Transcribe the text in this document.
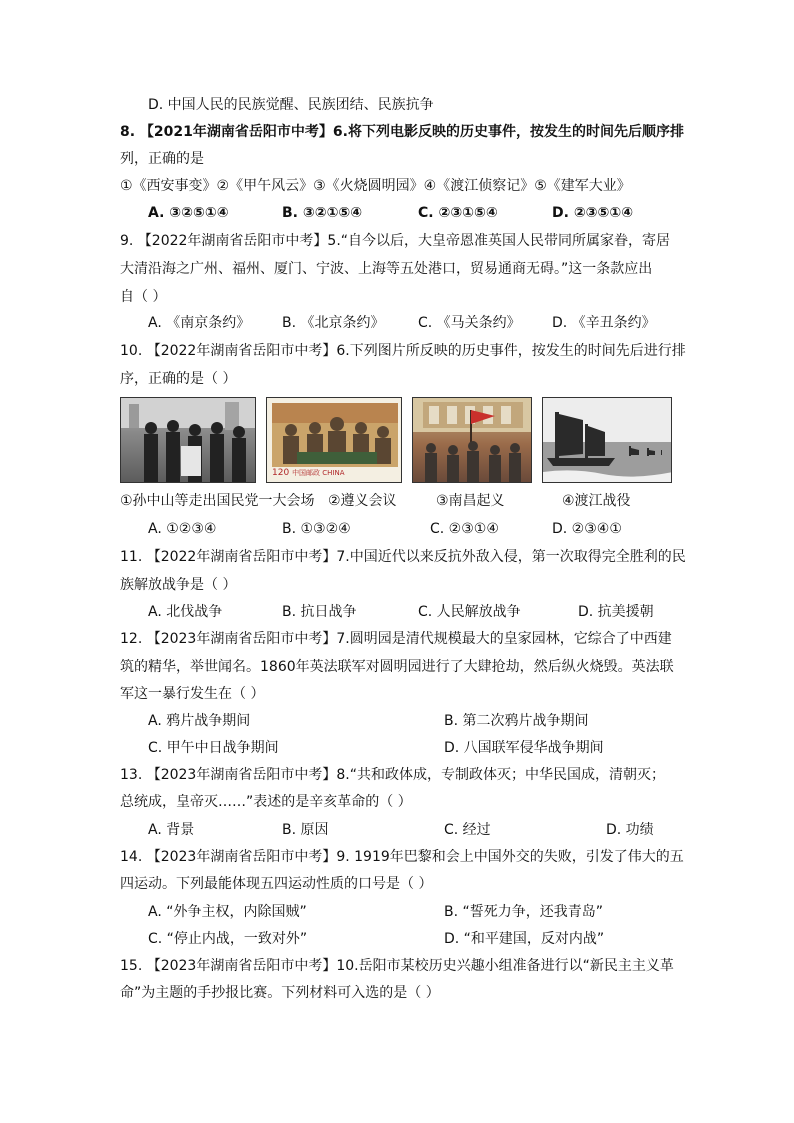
D. 中国人民的民族觉醒、民族团结、民族抗争
8. 【2021年湖南省岳阳市中考】6.将下列电影反映的历史事件，按发生的时间先后顺序排
列，正确的是
①《西安事变》②《甲午风云》③《火烧圆明园》④《渡江侦察记》⑤《建军大业》
A. ③②⑤①④	B. ③②①⑤④	C. ②③①⑤④	D. ②③⑤①④
9. 【2022年湖南省岳阳市中考】5.“自今以后，大皇帝恩准英国人民带同所属家眷，寄居
大清沿海之广州、福州、厦门、宁波、上海等五处港口，贸易通商无碍。”这一条款应出
自（ ）
A. 《南京条约》 B. 《北京条约》 C. 《马关条约》 D. 《辛丑条约》
10. 【2022年湖南省岳阳市中考】6.下列图片所反映的历史事件，按发生的时间先后进行排
序，正确的是（ ）
120 中国邮政 CHINA
①孙中山等走出国民党一大会场 ②遵义会议	③南昌起义	④渡江战役
A. ①②③④	B. ①③②④	C. ②③①④	D. ②③④①
11. 【2022年湖南省岳阳市中考】7.中国近代以来反抗外敌入侵，第一次取得完全胜利的民
族解放战争是（ ）
A. 北伐战争	B. 抗日战争	C. 人民解放战争	D. 抗美援朝
12. 【2023年湖南省岳阳市中考】7.圆明园是清代规模最大的皇家园林，它综合了中西建
筑的精华，举世闻名。1860年英法联军对圆明园进行了大肆抢劫，然后纵火烧毁。英法联
军这一暴行发生在（ ）
A. 鸦片战争期间	B. 第二次鸦片战争期间
C. 甲午中日战争期间	D. 八国联军侵华战争期间
13. 【2023年湖南省岳阳市中考】8.“共和政体成，专制政体灭；中华民国成，清朝灭；
总统成，皇帝灭……”表述的是辛亥革命的（ ）
A. 背景	B. 原因	C. 经过	D. 功绩
14. 【2023年湖南省岳阳市中考】9. 1919年巴黎和会上中国外交的失败，引发了伟大的五
四运动。下列最能体现五四运动性质的口号是（ ）
A. “外争主权，内除国贼”	B. “誓死力争，还我青岛”
C. “停止内战，一致对外”	D. “和平建国，反对内战”
15. 【2023年湖南省岳阳市中考】10.岳阳市某校历史兴趣小组准备进行以“新民主主义革
命”为主题的手抄报比赛。下列材料可入选的是（ ）
